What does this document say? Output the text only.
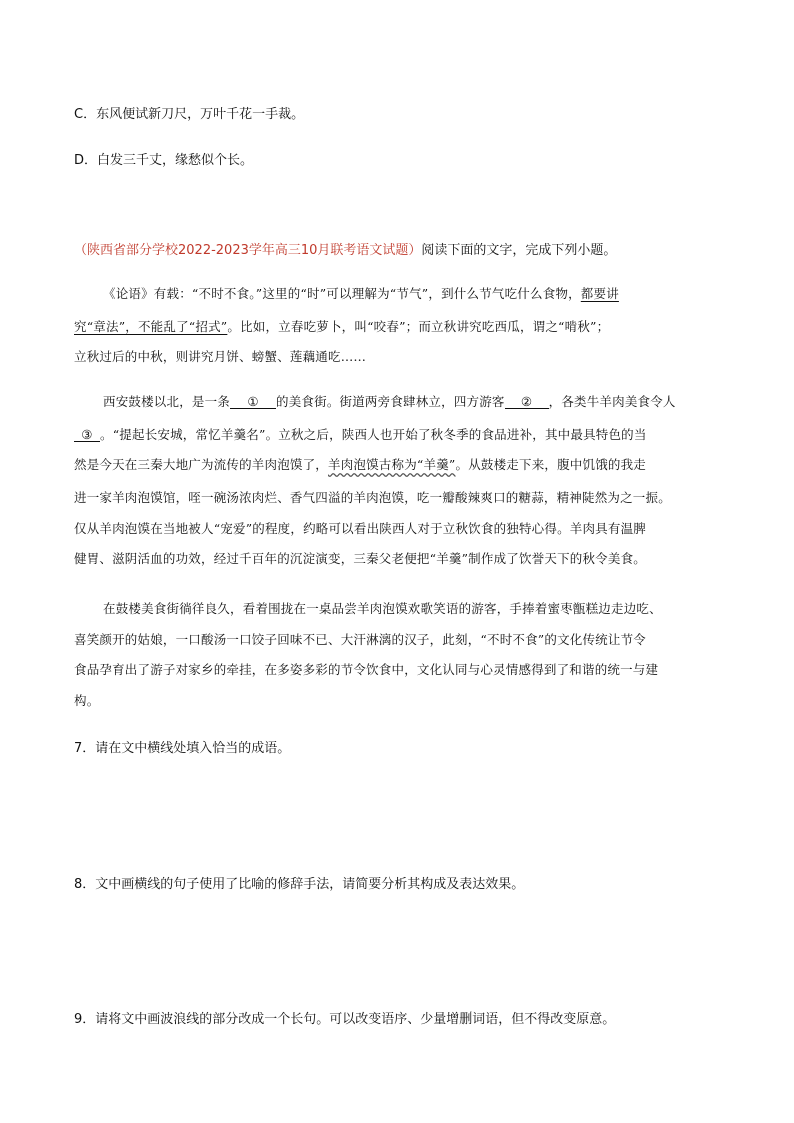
C．东风便试新刀尺，万叶千花一手裁。
D．白发三千丈，缘愁似个长。
（陕西省部分学校2022-2023学年高三10月联考语文试题）阅读下面的文字，完成下列小题。
《论语》有载：“不时不食。”这里的“时”可以理解为“节气”，到什么节气吃什么食物，都要讲
究“章法”，不能乱了“招式”。比如，立春吃萝卜，叫“咬春”；而立秋讲究吃西瓜，谓之“啃秋”；
立秋过后的中秋，则讲究月饼、螃蟹、莲藕通吃……
西安鼓楼以北，是一条 ① 的美食街。街道两旁食肆林立，四方游客 ② ，各类牛羊肉美食令人
③ 。“提起长安城，常忆羊羹名”。立秋之后，陕西人也开始了秋冬季的食品进补，其中最具特色的当
然是今天在三秦大地广为流传的羊肉泡馍了，羊肉泡馍古称为“羊羹”。从鼓楼走下来，腹中饥饿的我走
进一家羊肉泡馍馆，咥一碗汤浓肉烂、香气四溢的羊肉泡馍，吃一瓣酸辣爽口的糖蒜，精神陡然为之一振。
仅从羊肉泡馍在当地被人“宠爱”的程度，约略可以看出陕西人对于立秋饮食的独特心得。羊肉具有温脾
健胃、滋阴活血的功效，经过千百年的沉淀演变，三秦父老便把“羊羹”制作成了饮誉天下的秋令美食。
在鼓楼美食街徜徉良久，看着围拢在一桌品尝羊肉泡馍欢歌笑语的游客，手捧着蜜枣甑糕边走边吃、
喜笑颜开的姑娘，一口酸汤一口饺子回味不已、大汗淋漓的汉子，此刻，“不时不食”的文化传统让节令
食品孕育出了游子对家乡的牵挂，在多姿多彩的节令饮食中，文化认同与心灵情感得到了和谐的统一与建
构。
7．请在文中横线处填入恰当的成语。
8．文中画横线的句子使用了比喻的修辞手法，请简要分析其构成及表达效果。
9．请将文中画波浪线的部分改成一个长句。可以改变语序、少量增删词语，但不得改变原意。
